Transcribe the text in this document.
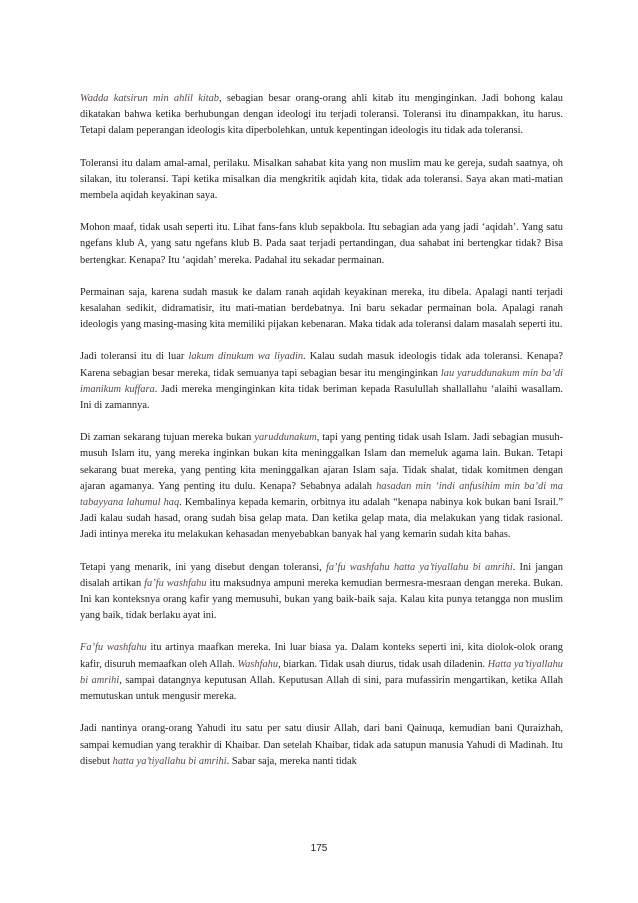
Wadda katsirun min ahlil kitab, sebagian besar orang-orang ahli kitab itu menginginkan. Jadi bohong kalau dikatakan bahwa ketika berhubungan dengan ideologi itu terjadi toleransi. Toleransi itu dinampakkan, itu harus. Tetapi dalam peperangan ideologis kita diperbolehkan, untuk kepentingan ideologis itu tidak ada toleransi.

Toleransi itu dalam amal-amal, perilaku. Misalkan sahabat kita yang non muslim mau ke gereja, sudah saatnya, oh silakan, itu toleransi. Tapi ketika misalkan dia mengkritik aqidah kita, tidak ada toleransi. Saya akan mati-matian membela aqidah keyakinan saya.

Mohon maaf, tidak usah seperti itu. Lihat fans-fans klub sepakbola. Itu sebagian ada yang jadi ‘aqidah’. Yang satu ngefans klub A, yang satu ngefans klub B. Pada saat terjadi pertandingan, dua sahabat ini bertengkar tidak? Bisa bertengkar. Kenapa? Itu ‘aqidah’ mereka. Padahal itu sekadar permainan.

Permainan saja, karena sudah masuk ke dalam ranah aqidah keyakinan mereka, itu dibela. Apalagi nanti terjadi kesalahan sedikit, didramatisir, itu mati-matian berdebatnya. Ini baru sekadar permainan bola. Apalagi ranah ideologis yang masing-masing kita memiliki pijakan kebenaran. Maka tidak ada toleransi dalam masalah seperti itu.

Jadi toleransi itu di luar lakum dinukum wa liyadin. Kalau sudah masuk ideologis tidak ada toleransi. Kenapa? Karena sebagian besar mereka, tidak semuanya tapi sebagian besar itu menginginkan lau yaruddunakum min ba’di imanikum kuffara. Jadi mereka menginginkan kita tidak beriman kepada Rasulullah shallallahu ‘alaihi wasallam. Ini di zamannya.

Di zaman sekarang tujuan mereka bukan yaruddunakum, tapi yang penting tidak usah Islam. Jadi sebagian musuh-musuh Islam itu, yang mereka inginkan bukan kita meninggalkan Islam dan memeluk agama lain. Bukan. Tetapi sekarang buat mereka, yang penting kita meninggalkan ajaran Islam saja. Tidak shalat, tidak komitmen dengan ajaran agamanya. Yang penting itu dulu. Kenapa? Sebabnya adalah hasadan min ‘indi anfusihim min ba’di ma tabayyana lahumul haq. Kembalinya kepada kemarin, orbitnya itu adalah “kenapa nabinya kok bukan bani Israil.” Jadi kalau sudah hasad, orang sudah bisa gelap mata. Dan ketika gelap mata, dia melakukan yang tidak rasional. Jadi intinya mereka itu melakukan kehasadan menyebabkan banyak hal yang kemarin sudah kita bahas.

Tetapi yang menarik, ini yang disebut dengan toleransi, fa’fu washfahu hatta ya’tiyallahu bi amrihi. Ini jangan disalah artikan fa’fu washfahu itu maksudnya ampuni mereka kemudian bermesra-mesraan dengan mereka. Bukan. Ini kan konteksnya orang kafir yang memusuhi, bukan yang baik-baik saja. Kalau kita punya tetangga non muslim yang baik, tidak berlaku ayat ini.

Fa’fu washfahu itu artinya maafkan mereka. Ini luar biasa ya. Dalam konteks seperti ini, kita diolok-olok orang kafir, disuruh memaafkan oleh Allah. Washfahu, biarkan. Tidak usah diurus, tidak usah diladenin. Hatta ya’tiyallahu bi amrihi, sampai datangnya keputusan Allah. Keputusan Allah di sini, para mufassirin mengartikan, ketika Allah memutuskan untuk mengusir mereka.

Jadi nantinya orang-orang Yahudi itu satu per satu diusir Allah, dari bani Qainuqa, kemudian bani Quraizhah, sampai kemudian yang terakhir di Khaibar. Dan setelah Khaibar, tidak ada satupun manusia Yahudi di Madinah. Itu disebut hatta ya’tiyallahu bi amrihi. Sabar saja, mereka nanti tidak

175
